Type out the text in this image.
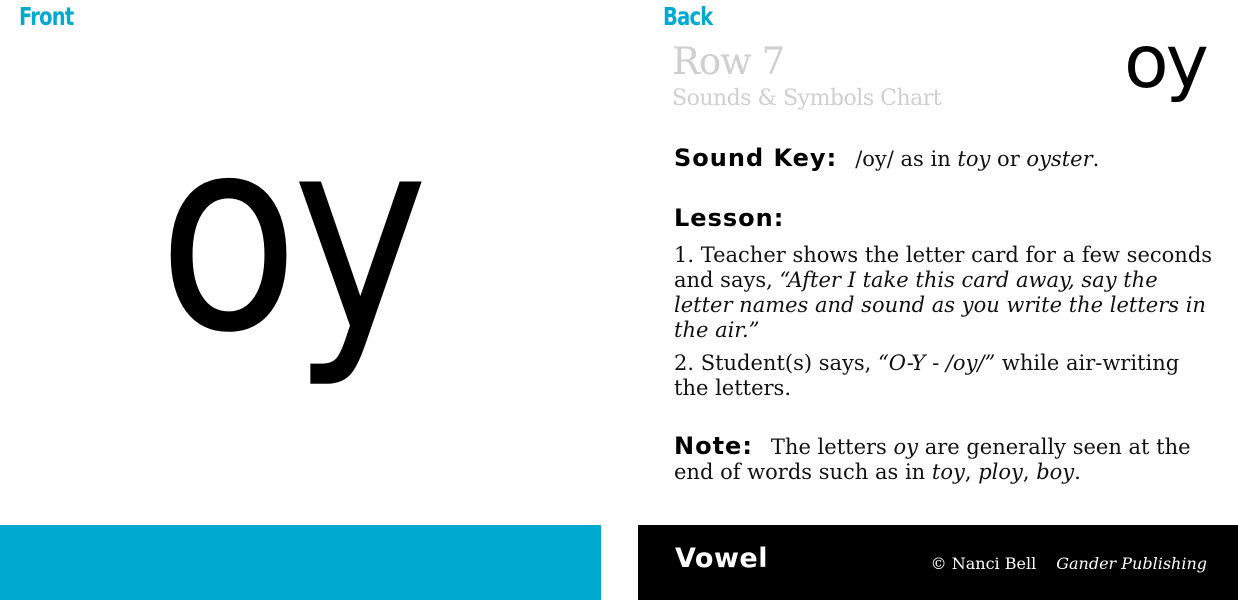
Front
oy
Back
Row 7
Sounds & Symbols Chart	oy
Sound Key: /oy/ as in toy or oyster.
Lesson:
1. Teacher shows the letter card for a few seconds and says, “After I take this card away, say the letter names and sound as you write the letters in the air.”
2. Student(s) says, “O-Y - /oy/” while air-writing the letters.
Note: The letters oy are generally seen at the end of words such as in toy, ploy, boy.
Vowel	© Nanci Bell Gander Publishing
